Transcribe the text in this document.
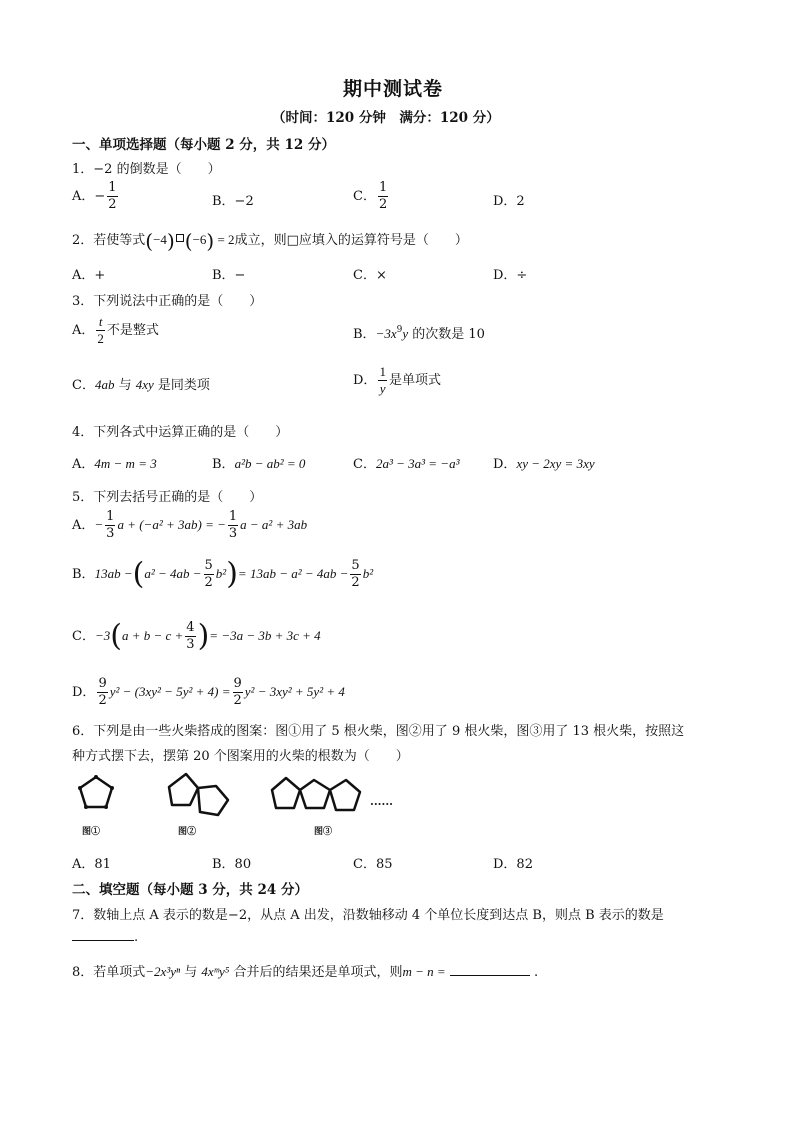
期中测试卷
（时间：120 分钟　满分：120 分）
一、单项选择题（每小题 2 分，共 12 分）
1．−2 的倒数是（　　）
A．− $\frac{1}{2}$	B．−2	C． $\frac{1}{2}$	D．2
2．若使等式(−4) (−6) = 2成立，则□应填入的运算符号是（　　）
A．+	B．−	C．×	D．÷
3．下列说法中正确的是（　　）
A． $\frac{t}{2}$ 不是整式	B．$-3x^9y$ 的次数是 10
C．4ab 与 4xy 是同类项	D． $\frac{1}{y}$ 是单项式
4．下列各式中运算正确的是（　　）
A．4m − m = 3	B．a²b − ab² = 0	C．2a³ − 3a³ = −a³	D．xy − 2xy = 3xy
5．下列去括号正确的是（　　）
A．− $\frac{1}{3}$ a + (−a² + 3ab) = − $\frac{1}{3}$ a − a² + 3ab
B．$13ab -(a^2 - 4ab - \frac{5}{2} b^2)= 13ab - a^2 - 4ab - \frac{5}{2} b^2$
C．$-3(a + b - c + \frac{4}{3}$ )= −3a − 3b + 3c + 4
D． $\frac{9}{2} y^2 - (3xy^2 - 5y^2 + 4) = \frac{9}{2} y^2 - 3xy^2 + 5y^2 + 4$
6．下列是由一些火柴搭成的图案：图①用了 5 根火柴，图②用了 9 根火柴，图③用了 13 根火柴，按照这
种方式摆下去，摆第 20 个图案用的火柴的根数为（　　）
图①	图②	图③
......
A．81	B．80	C．85	D．82
二、填空题（每小题 3 分，共 24 分）
7．数轴上点 A 表示的数是−2，从点 A 出发，沿数轴移动 4 个单位长度到达点 B，则点 B 表示的数是
.
8．若单项式−2x³yⁿ 与 4xᵐy⁵ 合并后的结果还是单项式，则m − n =	.
